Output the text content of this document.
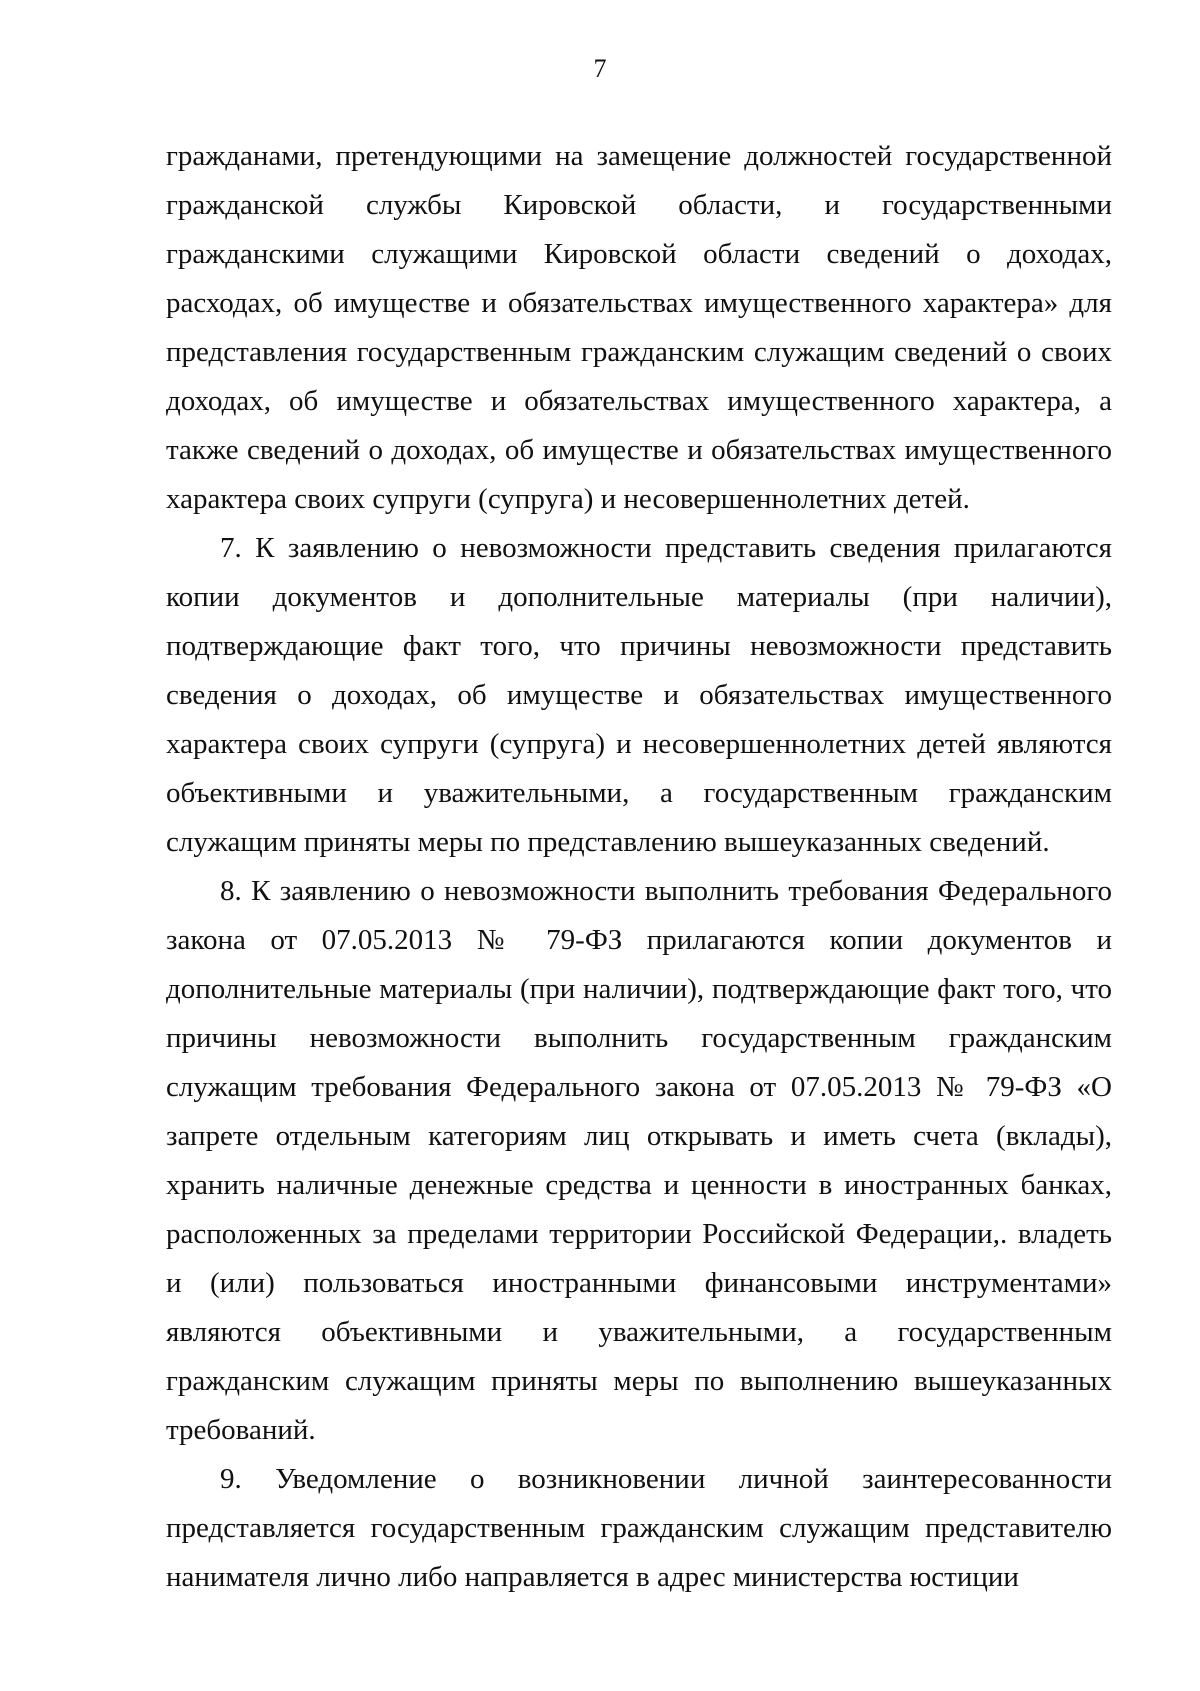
7

гражданами, претендующими на замещение должностей государственной гражданской службы Кировской области, и государственными гражданскими служащими Кировской области сведений о доходах, расходах, об имуществе и обязательствах имущественного характера» для представления государственным гражданским служащим сведений о своих доходах, об имуществе и обязательствах имущественного характера, а также сведений о доходах, об имуществе и обязательствах имущественного характера своих супруги (супруга) и несовершеннолетних детей.

7. К заявлению о невозможности представить сведения прилагаются копии документов и дополнительные материалы (при наличии), подтверждающие факт того, что причины невозможности представить сведения о доходах, об имуществе и обязательствах имущественного характера своих супруги (супруга) и несовершеннолетних детей являются объективными и уважительными, а государственным гражданским служащим приняты меры по представлению вышеуказанных сведений.

8. К заявлению о невозможности выполнить требования Федерального закона от 07.05.2013 № 79-ФЗ прилагаются копии документов и дополнительные материалы (при наличии), подтверждающие факт того, что причины невозможности выполнить государственным гражданским служащим требования Федерального закона от 07.05.2013 № 79-ФЗ «О запрете отдельным категориям лиц открывать и иметь счета (вклады), хранить наличные денежные средства и ценности в иностранных банках, расположенных за пределами территории Российской Федерации,. владеть и (или) пользоваться иностранными финансовыми инструментами» являются объективными и уважительными, а государственным гражданским служащим приняты меры по выполнению вышеуказанных требований.

9. Уведомление о возникновении личной заинтересованности представляется государственным гражданским служащим представителю нанимателя лично либо направляется в адрес министерства юстиции
